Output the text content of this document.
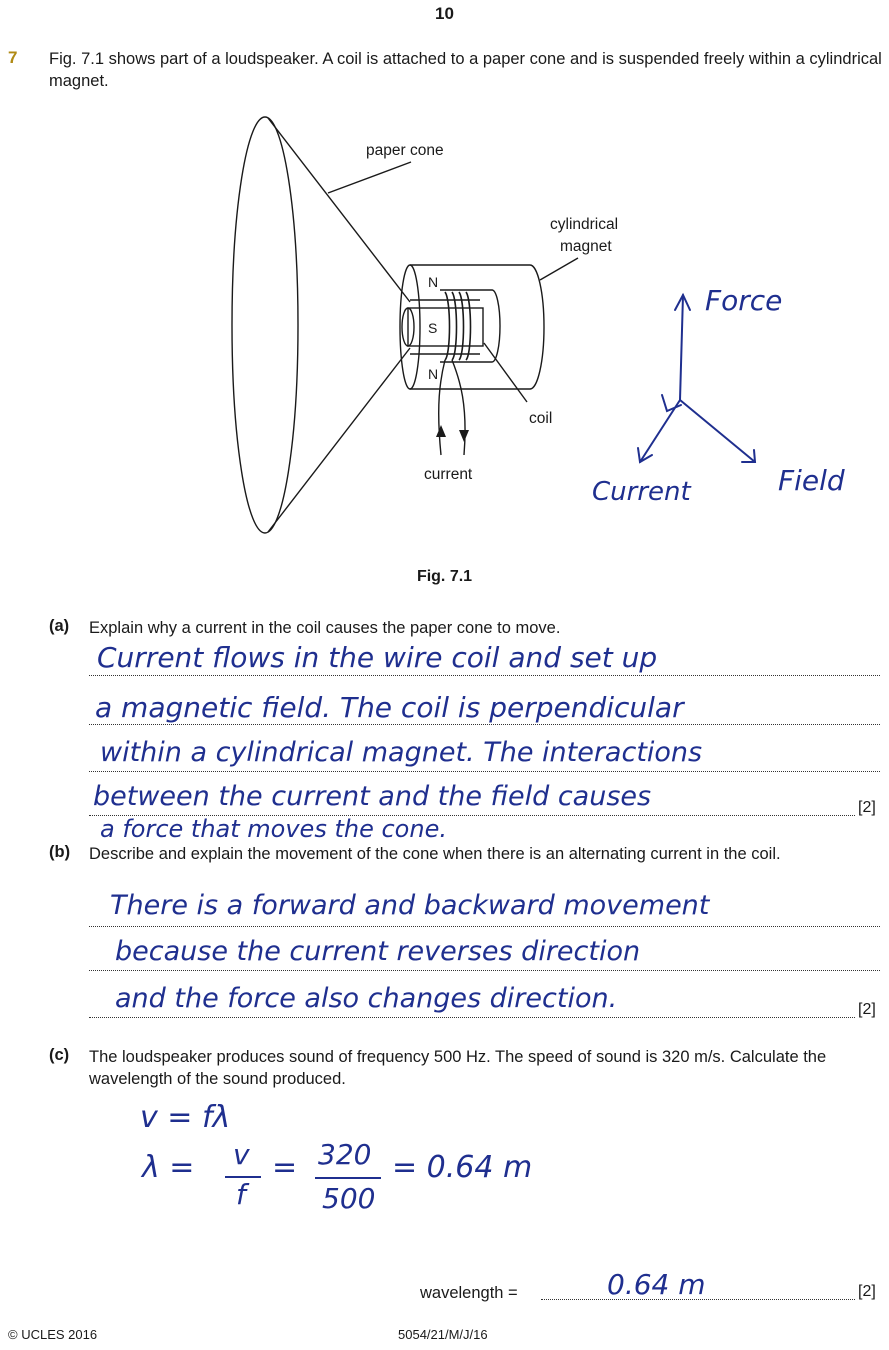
10
7 Fig. 7.1 shows part of a loudspeaker. A coil is attached to a paper cone and is suspended freely within a cylindrical magnet.
paper cone
cylindrical
magnet
coil
current
N
S
N
Force
Current	Field
Fig. 7.1
(a) Explain why a current in the coil causes the paper cone to move.
Current flows in the wire coil and set up
a magnetic field. The coil is perpendicular
within a cylindrical magnet. The interactions
between the current and the field causes
a force that moves the cone.
[2]
(b) Describe and explain the movement of the cone when there is an alternating current in the coil.
There is a forward and backward movement
because the current reverses direction
and the force also changes direction.	[2]
(c) The loudspeaker produces sound of frequency 500 Hz. The speed of sound is 320 m/s. Calculate the wavelength of the sound produced.
v = fλ
λ = v
f
= 320
500
= 0.64 m
wavelength =	0.64 m	[2]
© UCLES 2016	5054/21/M/J/16
